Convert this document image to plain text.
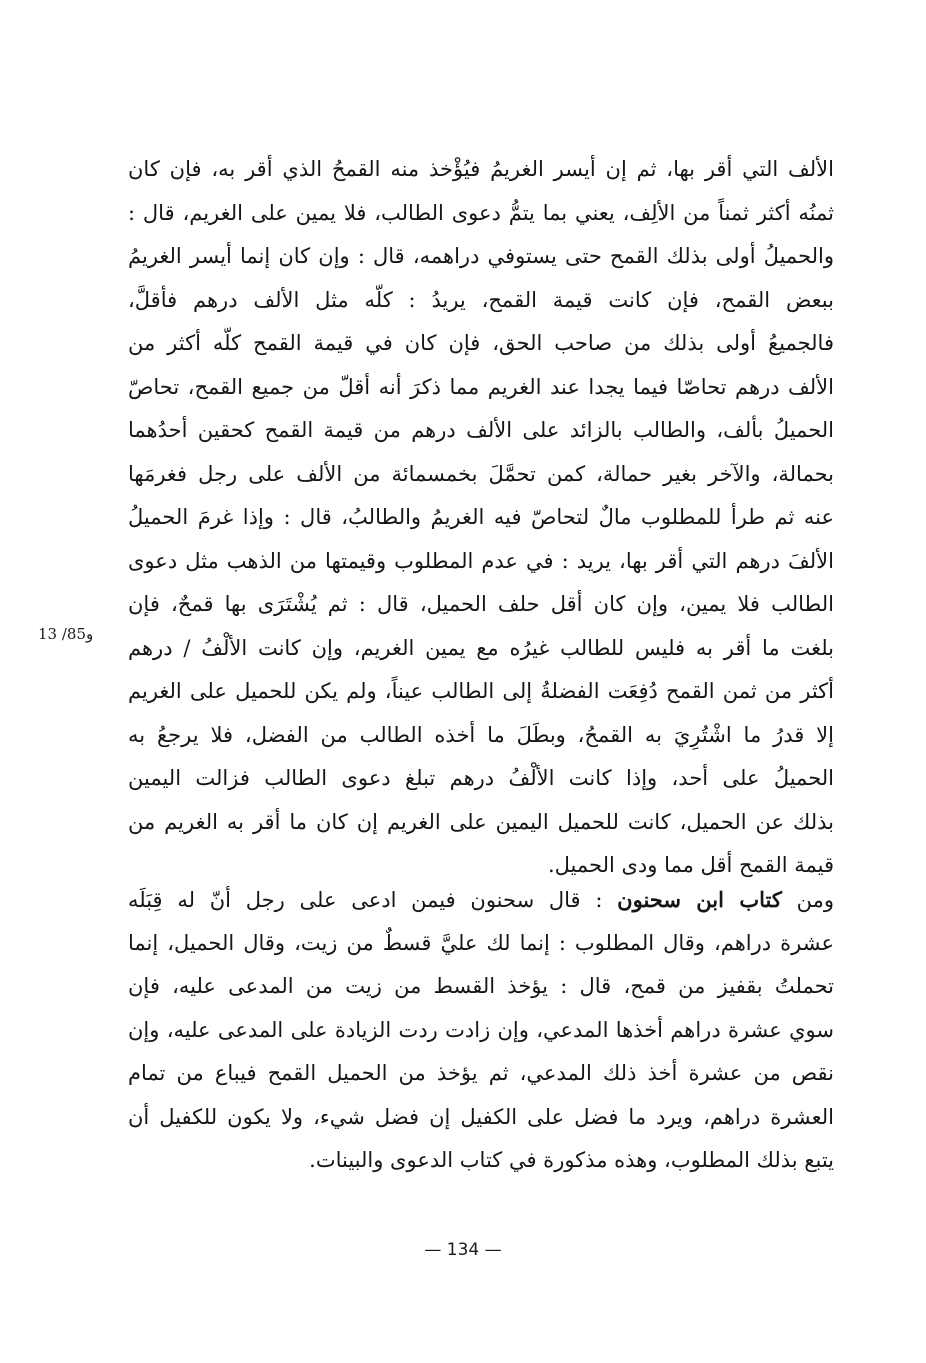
الألف التي أقر بها، ثم إن أيسر الغريمُ فيُؤْخذ منه القمحُ الذي أقر به، فإن كان
ثمنُه أكثر ثمناً من الألِف، يعني بما يتمُّ دعوى الطالب، فلا يمين على الغريم، قال :
والحميلُ أولى بذلك القمح حتى يستوفي دراهمه، قال : وإن كان إنما أيسر الغريمُ
ببعض القمح، فإن كانت قيمة القمح، يريدُ : كلّه مثل الألف درهم فأقلَّ،
فالجميعُ أولى بذلك من صاحب الحق، فإن كان في قيمة القمح كلّه أكثر من
الألف درهم تحاصّا فيما يجدا عند الغريم مما ذكرَ أنه أقلّ من جميع القمح، تحاصّ
الحميلُ بألف، والطالب بالزائد على الألف درهم من قيمة القمح كحقين أحدُهما
بحمالة، والآخر بغير حمالة، كمن تحمَّلَ بخمسمائة من الألف على رجل فغرمَها
عنه ثم طرأ للمطلوب مالٌ لتحاصّ فيه الغريمُ والطالبُ، قال : وإذا غرمَ الحميلُ
الألفَ درهم التي أقر بها، يريد : في عدم المطلوب وقيمتها من الذهب مثل دعوى
الطالب فلا يمين، وإن كان أقل حلف الحميل، قال : ثم يُشْتَرَى بها قمحٌ، فإن
بلغت ما أقر به فليس للطالب غيرُه مع يمين الغريم، وإن كانت الألْفُ / درهم
أكثر من ثمن القمح دُفِعَت الفضلةُ إلى الطالب عيناً، ولم يكن للحميل على الغريم
إلا قدرُ ما اشْتُرِيَ به القمحُ، وبطَلَ ما أخذه الطالب من الفضل، فلا يرجعُ به
الحميلُ على أحد، وإذا كانت الألْفُ درهم تبلغ دعوى الطالب فزالت اليمين
بذلك عن الحميل، كانت للحميل اليمين على الغريم إن كان ما أقر به الغريم من
قيمة القمح أقل مما ودى الحميل.
13 /85و
ومن كتاب ابن سحنون : قال سحنون فيمن ادعى على رجل أنّ له قِبَلَه
عشرة دراهم، وقال المطلوب : إنما لك عليَّ قسطٌ من زيت، وقال الحميل، إنما
تحملتُ بقفيز من قمح، قال : يؤخذ القسط من زيت من المدعى عليه، فإن
سوي عشرة دراهم أخذها المدعي، وإن زادت ردت الزيادة على المدعى عليه، وإن
نقص من عشرة أخذ ذلك المدعي، ثم يؤخذ من الحميل القمح فيباع من تمام
العشرة دراهم، ويرد ما فضل على الكفيل إن فضل شيء، ولا يكون للكفيل أن
يتبع بذلك المطلوب، وهذه مذكورة في كتاب الدعوى والبينات.
— 134 —
